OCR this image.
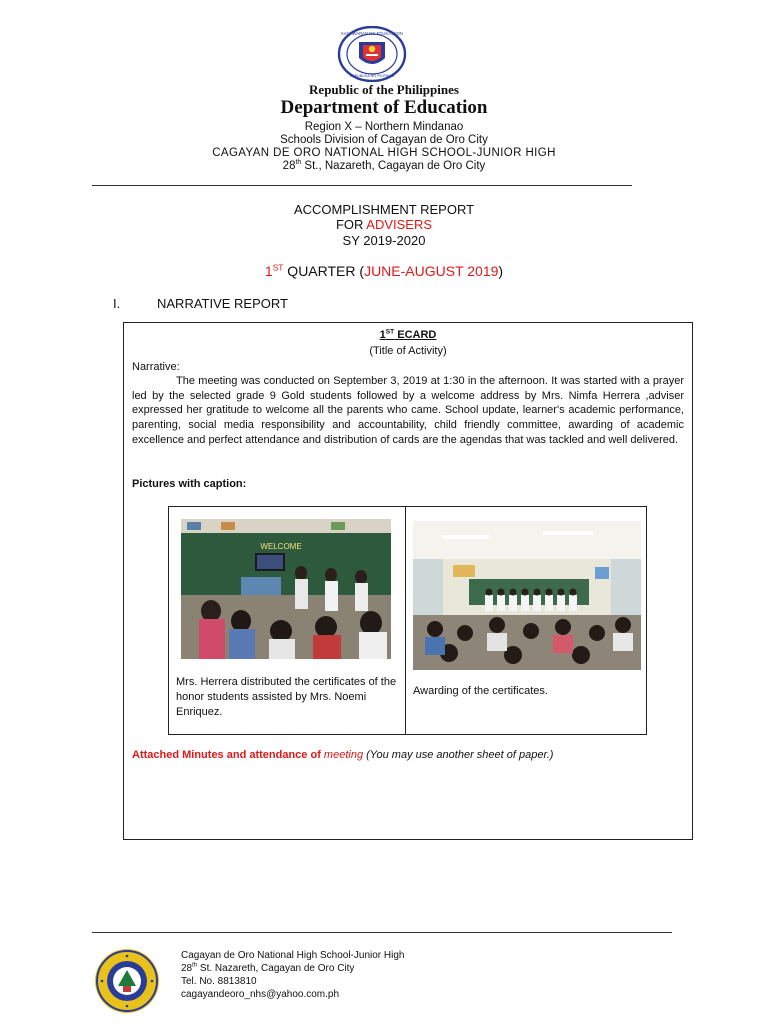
KAGAWARAN NG EDUKASYON
REPUBLIKA NG PILIPINAS
Republic of the Philippines
Department of Education
Region X – Northern Mindanao
Schools Division of Cagayan de Oro City
CAGAYAN DE ORO NATIONAL HIGH SCHOOL-JUNIOR HIGH
28th St., Nazareth, Cagayan de Oro City
ACCOMPLISHMENT REPORT
FOR ADVISERS
SY 2019-2020
1ST QUARTER (JUNE-AUGUST 2019)
I.	NARRATIVE REPORT
1ST ECARD
(Title of Activity)
Narrative:
The meeting was conducted on September 3, 2019 at 1:30 in the afternoon. It was started with a prayer led by the selected grade 9 Gold students followed by a welcome address by Mrs. Nimfa Herrera ,adviser expressed her gratitude to welcome all the parents who came. School update, learner's academic performance, parenting, social media responsibility and accountability, child friendly committee, awarding of academic excellence and perfect attendance and distribution of cards are the agendas that was tackled and well delivered.
Pictures with caption:
WELCOME
Mrs. Herrera distributed the certificates of the honor students assisted by Mrs. Noemi Enriquez.
Awarding of the certificates.
Attached Minutes and attendance of meeting (You may use another sheet of paper.)
Cagayan de Oro National High School-Junior High
28th St. Nazareth, Cagayan de Oro City
Tel. No. 8813810
cagayandeoro_nhs@yahoo.com.ph
